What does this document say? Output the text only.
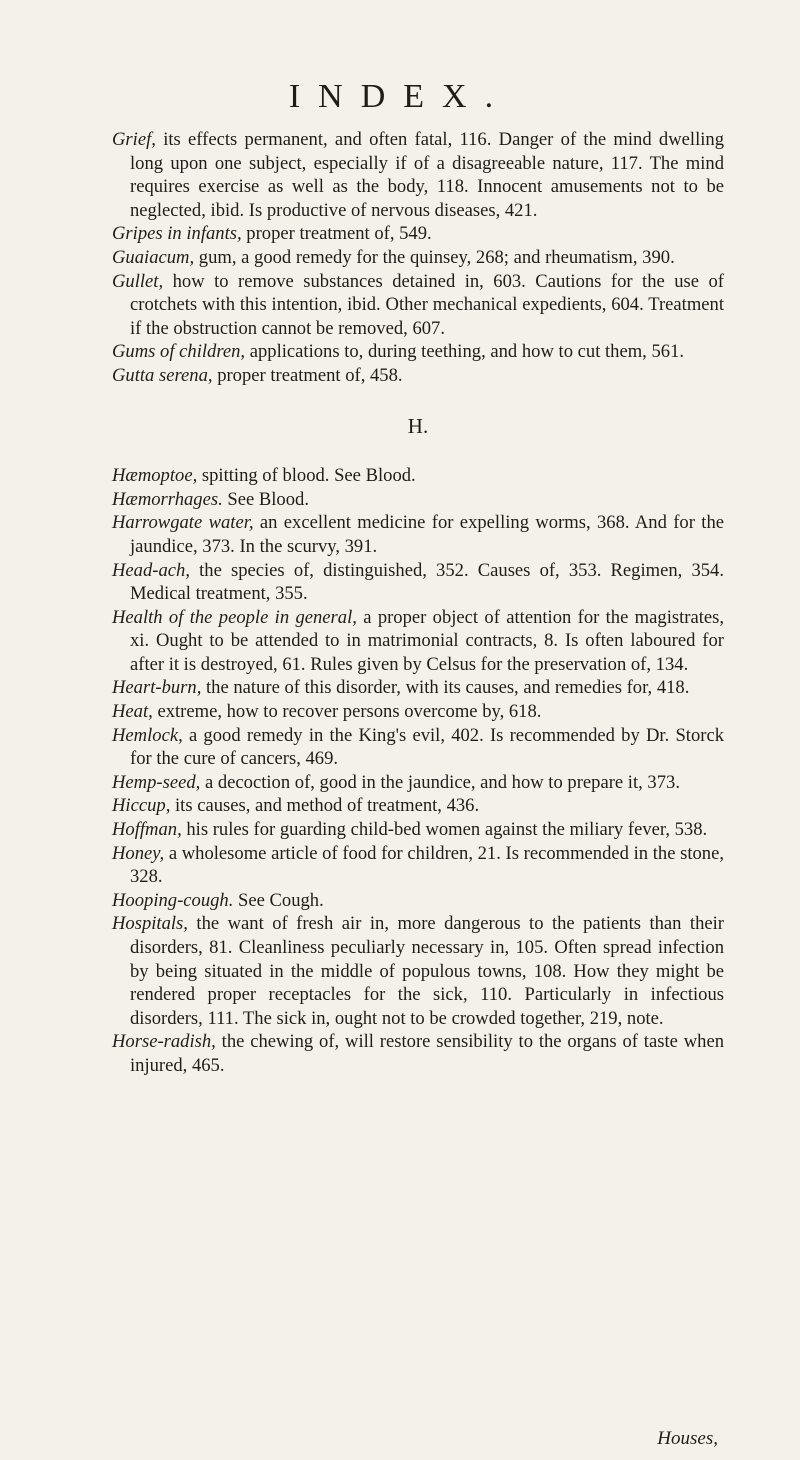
INDEX.

Grief, its effects permanent, and often fatal, 116. Danger of the mind dwelling long upon one subject, especially if of a disagreeable nature, 117. The mind requires exercise as well as the body, 118. Innocent amusements not to be neglected, ibid. Is productive of nervous diseases, 421.

Gripes in infants, proper treatment of, 549.

Guaiacum, gum, a good remedy for the quinsey, 268; and rheumatism, 390.

Gullet, how to remove substances detained in, 603. Cautions for the use of crotchets with this intention, ibid. Other mechanical expedients, 604. Treatment if the obstruction cannot be removed, 607.

Gums of children, applications to, during teething, and how to cut them, 561.

Gutta serena, proper treatment of, 458.

H.

Hæmoptoe, spitting of blood. See Blood.

Hæmorrhages. See Blood.

Harrowgate water, an excellent medicine for expelling worms, 368. And for the jaundice, 373. In the scurvy, 391.

Head-ach, the species of, distinguished, 352. Causes of, 353. Regimen, 354. Medical treatment, 355.

Health of the people in general, a proper object of attention for the magistrates, xi. Ought to be attended to in matrimonial contracts, 8. Is often laboured for after it is destroyed, 61. Rules given by Celsus for the preservation of, 134.

Heart-burn, the nature of this disorder, with its causes, and remedies for, 418.

Heat, extreme, how to recover persons overcome by, 618.

Hemlock, a good remedy in the King's evil, 402. Is recommended by Dr. Storck for the cure of cancers, 469.

Hemp-seed, a decoction of, good in the jaundice, and how to prepare it, 373.

Hiccup, its causes, and method of treatment, 436.

Hoffman, his rules for guarding child-bed women against the miliary fever, 538.

Honey, a wholesome article of food for children, 21. Is recommended in the stone, 328.

Hooping-cough. See Cough.

Hospitals, the want of fresh air in, more dangerous to the patients than their disorders, 81. Cleanliness peculiarly necessary in, 105. Often spread infection by being situated in the middle of populous towns, 108. How they might be rendered proper receptacles for the sick, 110. Particularly in infectious disorders, 111. The sick in, ought not to be crowded together, 219, note.

Horse-radish, the chewing of, will restore sensibility to the organs of taste when injured, 465.

Houses,
